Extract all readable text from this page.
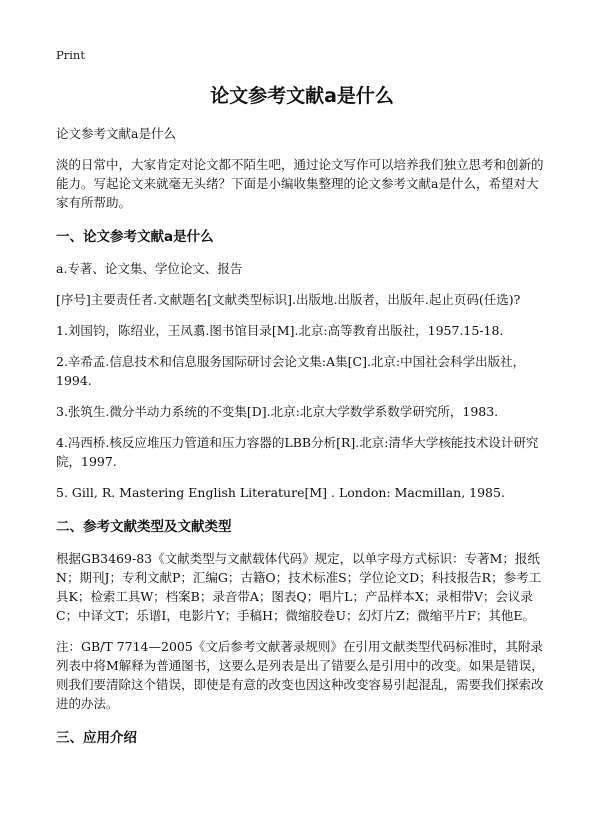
Print
论文参考文献a是什么

论文参考文献a是什么

淡的日常中，大家肯定对论文都不陌生吧，通过论文写作可以培养我们独立思考和创新的能力。写起论文来就毫无头绪？下面是小编收集整理的论文参考文献a是什么，希望对大家有所帮助。

一、论文参考文献a是什么

a.专著、论文集、学位论文、报告

[序号]主要责任者.文献题名[文献类型标识].出版地.出版者，出版年.起止页码(任选)?

1.刘国钧，陈绍业，王凤翥.图书馆目录[M].北京:高等教育出版社，1957.15-18.

2.辛希孟.信息技术和信息服务国际研讨会论文集:A集[C].北京:中国社会科学出版社，1994.

3.张筑生.微分半动力系统的不变集[D].北京:北京大学数学系数学研究所，1983.

4.冯西桥.核反应堆压力管道和压力容器的LBB分析[R].北京:清华大学核能技术设计研究院，1997.

5. Gill, R. Mastering English Literature[M] . London: Macmillan, 1985.

二、参考文献类型及文献类型

根据GB3469-83《文献类型与文献载体代码》规定，以单字母方式标识：专著M；报纸N；期刊J；专利文献P；汇编G；古籍O；技术标准S；学位论文D；科技报告R；参考工具K；检索工具W；档案B；录音带A；图表Q；唱片L；产品样本X；录相带V；会议录C；中译文T；乐谱I，电影片Y；手稿H；微缩胶卷U；幻灯片Z；微缩平片F；其他E。

注：GB/T 7714—2005《文后参考文献著录规则》在引用文献类型代码标准时，其附录列表中将M解释为普通图书，这要么是列表是出了错要么是引用中的改变。如果是错误，则我们要清除这个错误，即使是有意的改变也因这种改变容易引起混乱，需要我们探索改进的办法。

三、应用介绍
